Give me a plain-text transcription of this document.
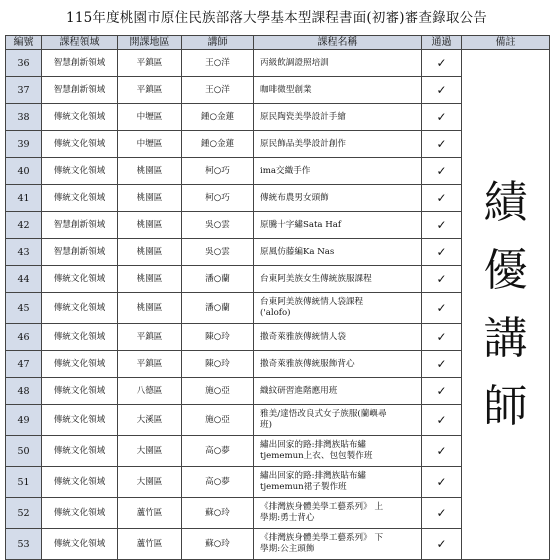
115年度桃園市原住民族部落大學基本型課程書面(初審)審查錄取公告
編號	課程領域	開課地區	講師	課程名稱	通過	備註
36	智慧創新領域	平鎮區	王○洋	丙級飲調證照培訓	✓	績
優
講
師

37	智慧創新領域	平鎮區	王○洋	咖啡微型創業	✓	
38	傳統文化領域	中壢區	鍾○金蓮	原民陶瓷美學設計手繪	✓	
39	傳統文化領域	中壢區	鍾○金蓮	原民飾品美學設計創作	✓	
40	傳統文化領域	桃園區	柯○巧	ima交織手作	✓	
41	傳統文化領域	桃園區	柯○巧	傳統布農男女頭飾	✓	
42	智慧創新領域	桃園區	吳○雲	原騰十字繡Sata Haf	✓	
43	智慧創新領域	桃園區	吳○雲	原風仿藤編Ka Nas	✓	
44	傳統文化領域	桃園區	潘○蘭	台東阿美族女生傳統族服課程	✓	
45	傳統文化領域	桃園區	潘○蘭	台東阿美族傳統情人袋課程
('alofo)	✓	
46	傳統文化領域	平鎮區	陳○玲	撒奇萊雅族傳統情人袋	✓	
47	傳統文化領域	平鎮區	陳○玲	撒奇萊雅族傳統服飾背心	✓	
48	傳統文化領域	八德區	施○亞	織紋研習進階應用班	✓	
49	傳統文化領域	大溪區	施○亞	雅美/達悟改良式女子族服(蘭嶼尋
班)	✓	
50	傳統文化領域	大園區	高○夢	繡出回家的路:排灣族貼布繡
tjememun上衣、包包製作班	✓	
51	傳統文化領域	大園區	高○夢	繡出回家的路:排灣族貼布繡
tjememun裙子製作班	✓	
52	傳統文化領域	蘆竹區	蘇○玲	《排灣族身體美學工藝系列》 上
學期:勇士背心	✓	
53	傳統文化領域	蘆竹區	蘇○玲	《排灣族身體美學工藝系列》 下
學期:公主頭飾	✓	
